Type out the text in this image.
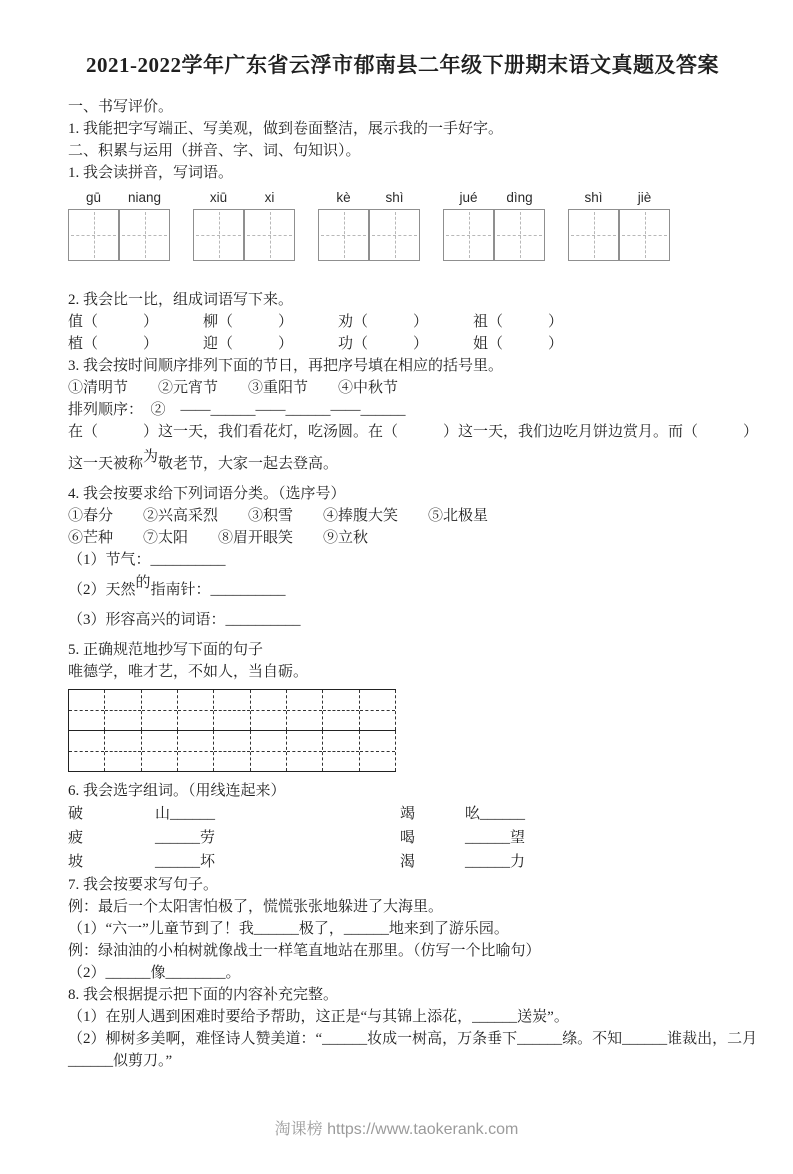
2021-2022学年广东省云浮市郁南县二年级下册期末语文真题及答案
一、书写评价。
1. 我能把字写端正、写美观，做到卷面整洁，展示我的一手好字。
二、积累与运用（拼音、字、词、句知识）。
1. 我会读拼音，写词语。
gū	niang	xiū	xi	kè	shì	jué	dìng	shì	jiè
2. 我会比一比，组成词语写下来。
值（　　　）	柳（　　　）	劝（　　　）	祖（　　　）
植（　　　）	迎（　　　）	功（　　　）	姐（　　　）
3. 我会按时间顺序排列下面的节日，再把序号填在相应的括号里。
①清明节　　②元宵节　　③重阳节　　④中秋节
排列顺序：　②　——______——______——______
在（　　　）这一天，我们看花灯，吃汤圆。在（　　　）这一天，我们边吃月饼边赏月。而（　　　）
这一天被称为敬老节，大家一起去登高。
4. 我会按要求给下列词语分类。（选序号）
①春分　　②兴高采烈　　③积雪　　④捧腹大笑　　⑤北极星
⑥芒种　　⑦太阳　　⑧眉开眼笑　　⑨立秋
（1）节气：__________
（2）天然的指南针：__________
（3）形容高兴的词语：__________
5. 正确规范地抄写下面的句子
唯德学，唯才艺，不如人，当自砺。
6. 我会选字组词。（用线连起来）
破	山______	竭	吆______
疲	______劳	喝	______望
坡	______坏	渴	______力
7. 我会按要求写句子。
例：最后一个太阳害怕极了，慌慌张张地躲进了大海里。
（1）“六一”儿童节到了！我______极了，______地来到了游乐园。
例：绿油油的小柏树就像战士一样笔直地站在那里。（仿写一个比喻句）
（2）______像________。
8. 我会根据提示把下面的内容补充完整。
（1）在别人遇到困难时要给予帮助，这正是“与其锦上添花，______送炭”。
（2）柳树多美啊，难怪诗人赞美道：“______妆成一树高，万条垂下______绦。不知______谁裁出，二月
______似剪刀。”
淘课榜 https://www.taokerank.com
